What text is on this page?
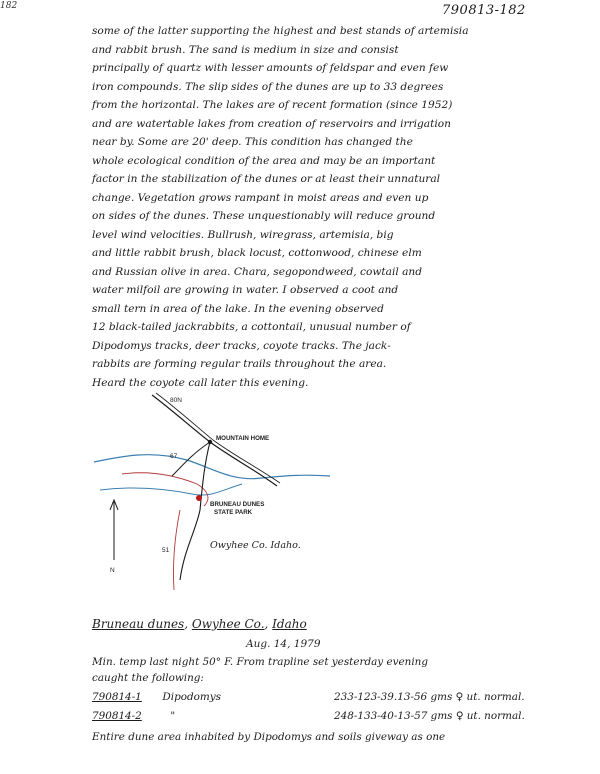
182	790813-182
some of the latter supporting the highest and best stands of artemisia
and rabbit brush. The sand is medium in size and consist
principally of quartz with lesser amounts of feldspar and even few
iron compounds. The slip sides of the dunes are up to 33 degrees
from the horizontal. The lakes are of recent formation (since 1952)
and are watertable lakes from creation of reservoirs and irrigation
near by. Some are 20' deep. This condition has changed the
whole ecological condition of the area and may be an important
factor in the stabilization of the dunes or at least their unnatural
change. Vegetation grows rampant in moist areas and even up
on sides of the dunes. These unquestionably will reduce ground
level wind velocities. Bullrush, wiregrass, artemisia, big
and little rabbit brush, black locust, cottonwood, chinese elm
and Russian olive in area. Chara, segopondweed, cowtail and
water milfoil are growing in water. I observed a coot and
small tern in area of the lake. In the evening observed
12 black-tailed jackrabbits, a cottontail, unusual number of
Dipodomys tracks, deer tracks, coyote tracks. The jack-
rabbits are forming regular trails throughout the area.
Heard the coyote call later this evening.
80N
67
51
N
MOUNTAIN HOME
BRUNEAU DUNES
STATE PARK
Owyhee Co. Idaho.
Bruneau dunes, Owyhee Co., Idaho
Aug. 14, 1979
Min. temp last night 50° F. From trapline set yesterday evening
caught the following:
790814-1 Dipodomys	233-123-39.13-56 gms ♀ ut. normal.
790814-2	"	248-133-40-13-57 gms ♀ ut. normal.
Entire dune area inhabited by Dipodomys and soils giveway as one
